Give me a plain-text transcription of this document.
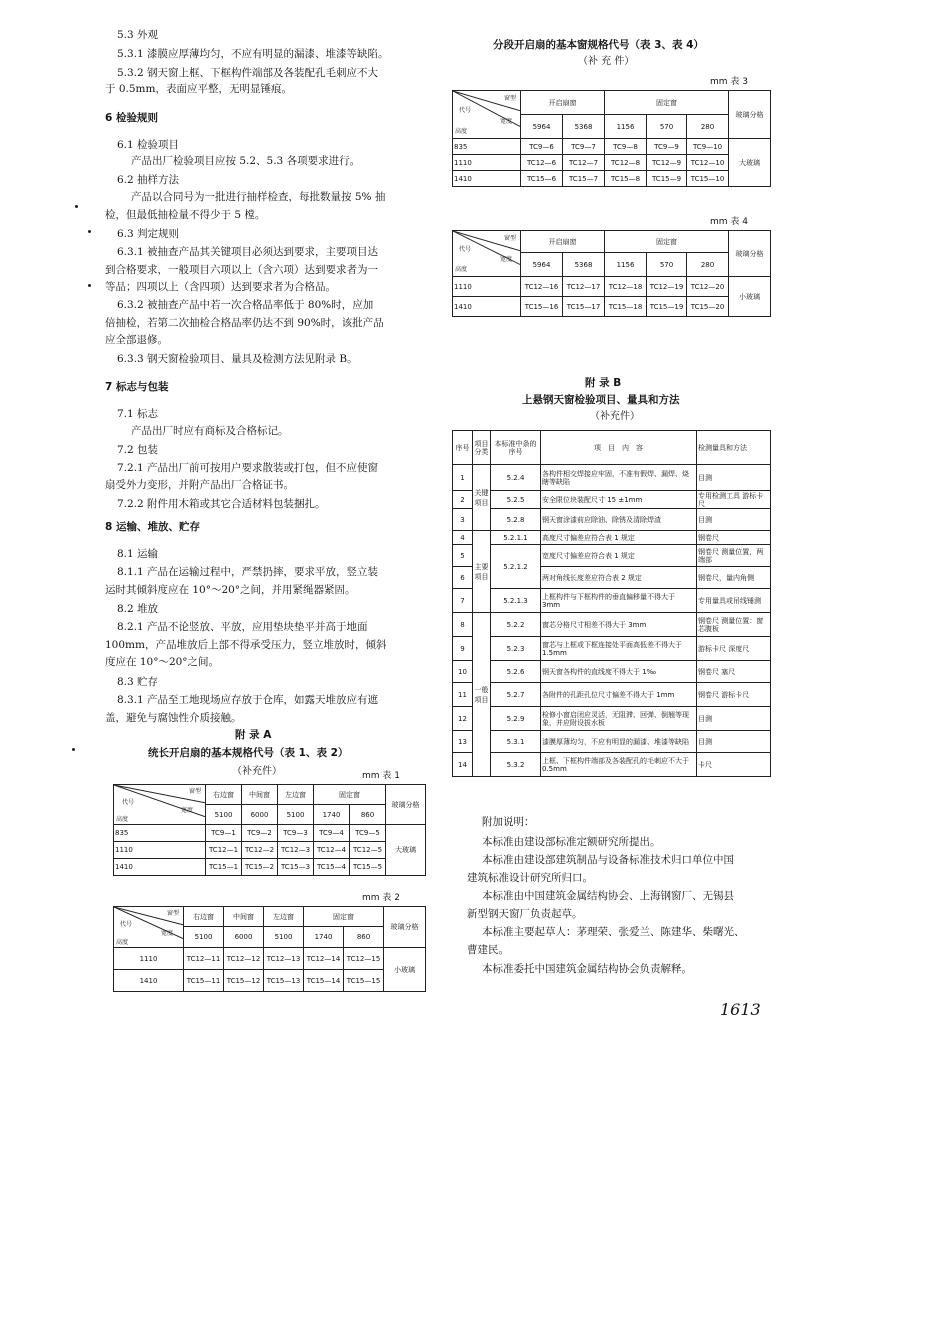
5.3 外观
5.3.1 漆膜应厚薄均匀，不应有明显的漏漆、堆漆等缺陷。
5.3.2 钢天窗上框、下框构件端部及各装配孔毛刺应不大
于 0.5mm，表面应平整，无明显锤痕。
6 检验规则
6.1 检验项目
产品出厂检验项目应按 5.2、5.3 各项要求进行。
6.2 抽样方法
产品以合同号为一批进行抽样检查，每批数量按 5% 抽
检，但最低抽检量不得少于 5 樘。
6.3 判定规则
6.3.1 被抽查产品其关键项目必须达到要求，主要项目达
到合格要求，一般项目六项以上（含六项）达到要求者为一
等品；四项以上（含四项）达到要求者为合格品。
6.3.2 被抽查产品中若一次合格品率低于 80%时，应加
倍抽检，若第二次抽检合格品率仍达不到 90%时，该批产品
应全部退修。
6.3.3 钢天窗检验项目、量具及检测方法见附录 B。
7 标志与包装
7.1 标志
产品出厂时应有商标及合格标记。
7.2 包装
7.2.1 产品出厂前可按用户要求散装或打包，但不应使窗
扇受外力变形，并附产品出厂合格证书。
7.2.2 附件用木箱或其它合适材料包装捆扎。
8 运输、堆放、贮存
8.1 运输
8.1.1 产品在运输过程中，严禁扔摔，要求平放，竖立装
运时其倾斜度应在 10°～20°之间，并用紧绳器紧固。
8.2 堆放
8.2.1 产品不论竖放、平放，应用垫块垫平并高于地面
100mm，产品堆放后上部不得承受压力，竖立堆放时，倾斜
度应在 10°～20°之间。
8.3 贮存
8.3.1 产品至工地现场应存放于仓库，如露天堆放应有遮
盖，避免与腐蚀性介质接触。
附 录 A
统长开启扇的基本规格代号（表 1、表 2）
（补充件）	mm 表 1
窗型
代号
宽度
高度	右边窗	中间窗	左边窗	固定窗		玻璃分格
	5100	6000	5100	1740	860	
835	TC9—1	TC9—2	TC9—3	TC9—4	TC9—5	大玻璃
1110	TC12—1	TC12—2	TC12—3	TC12—4	TC12—5	
1410	TC15—1	TC15—2	TC15—3	TC15—4	TC15—5	
mm 表 2
窗型
代号
宽度
高度	右边窗	中间窗	左边窗	固定窗		玻璃分格
	5100	6000	5100	1740	860	
1110	TC12—11	TC12—12	TC12—13	TC12—14	TC12—15	小玻璃
1410	TC15—11	TC15—12	TC15—13	TC15—14	TC15—15	
分段开启扇的基本窗规格代号（表 3、表 4）
（补 充 件）
mm 表 3
窗型
代号
宽度
高度	开启扇窗		固定窗			玻璃分格
	5964	5368	1156	570	280	
835	TC9—6	TC9—7	TC9—8	TC9—9	TC9—10	大玻璃
1110	TC12—6	TC12—7	TC12—8	TC12—9	TC12—10	
1410	TC15—6	TC15—7	TC15—8	TC15—9	TC15—10	
mm 表 4
窗型
代号
宽度
高度	开启扇窗		固定窗			玻璃分格
	5964	5368	1156	570	280	
1110	TC12—16	TC12—17	TC12—18	TC12—19	TC12—20	小玻璃
1410	TC15—16	TC15—17	TC15—18	TC15—19	TC15—20	
附 录 B
上悬钢天窗检验项目、量具和方法
（补充件）
序号	项目分类	本标准中条的序号	项　目　内　容	检测量具和方法
1	关键项目	5.2.4	各构件相交焊接应牢固，不准有假焊、漏焊、烧瞎等缺陷	目测
2		5.2.5	安全限位块装配尺寸 15 ±1mm	专用检测工具 游标卡尺
3		5.2.8	钢天窗涂漆前应除油、除锈及清除焊渣	目测
4	主要项目	5.2.1.1	高度尺寸偏差应符合表 1 规定	钢卷尺
5		5.2.1.2	宽度尺寸偏差应符合表 1 规定	钢卷尺 测量位置，两端部
6			两对角线长度差应符合表 2 规定	钢卷尺，量内角侧
7		5.2.1.3	上框构件与下框构件的垂直偏移量不得大于 3mm	专用量具或吊线锤测
8	一般项目	5.2.2	窗芯分格尺寸相差不得大于 3mm	钢卷尺 测量位置：窗芯腹板
9		5.2.3	窗芯与上框或下框连接处平面高低差不得大于 1.5mm	游标卡尺 深度尺
10		5.2.6	钢天窗各构件的直线度不得大于 1‰	钢卷尺 塞尺
11		5.2.7	各附件的孔距孔位尺寸偏差不得大于 1mm	钢卷尺 游标卡尺
12		5.2.9	检修小窗启闭应灵活，无阻滞、回弹、倒翘等现象，并应附设拔水板	目测
13		5.3.1	漆膜厚薄均匀，不应有明显的漏漆、堆漆等缺陷	目测
14		5.3.2	上框、下框构件端部及各装配孔的毛刺应不大于 0.5mm	卡尺
附加说明：
本标准由建设部标准定额研究所提出。
本标准由建设部建筑制品与设备标准技术归口单位中国
建筑标准设计研究所归口。
本标准由中国建筑金属结构协会、上海钢窗厂、无锡县
新型钢天窗厂负责起草。
本标准主要起草人：茅理荣、张爱兰、陈建华、柴曙光、
曹建民。
本标准委托中国建筑金属结构协会负责解释。
1613
